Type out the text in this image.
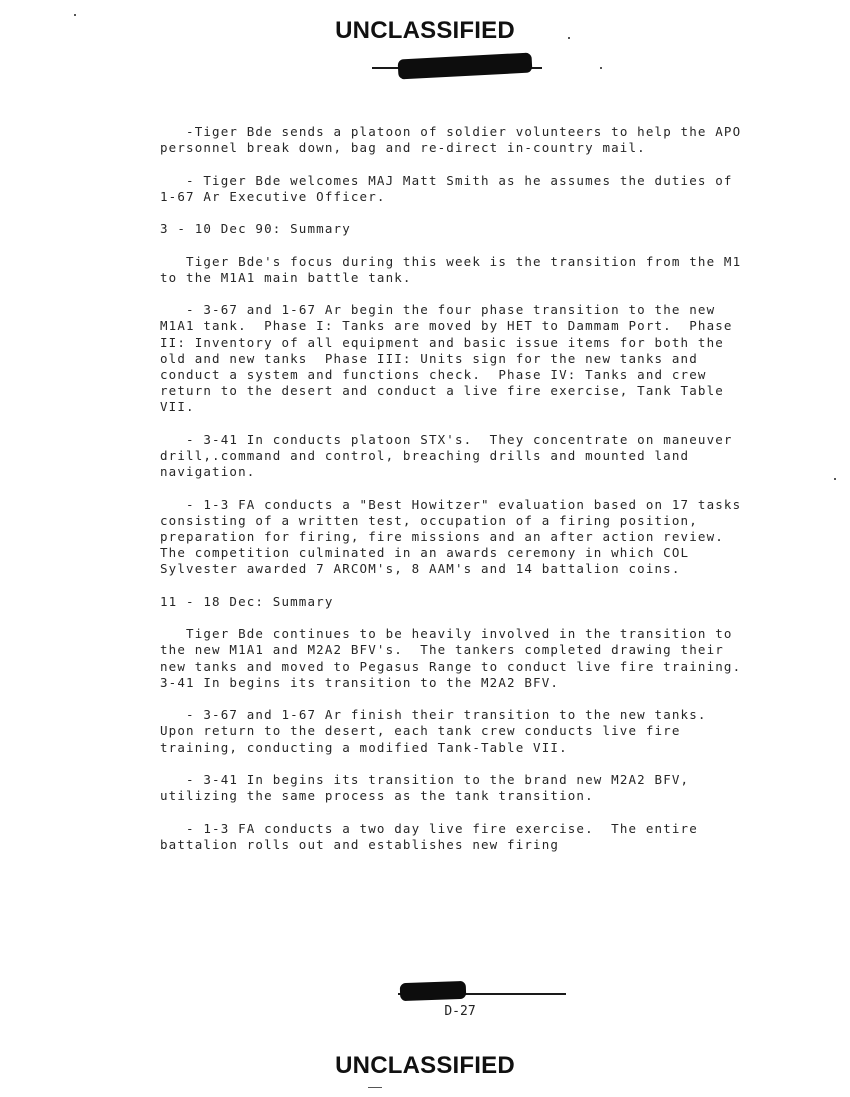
UNCLASSIFIED

-Tiger Bde sends a platoon of soldier volunteers to help the APO personnel break down, bag and re-direct in-country mail.

- Tiger Bde welcomes MAJ Matt Smith as he assumes the duties of 1-67 Ar Executive Officer.

3 - 10 Dec 90: Summary

Tiger Bde's focus during this week is the transition from the M1 to the M1A1 main battle tank.

- 3-67 and 1-67 Ar begin the four phase transition to the new M1A1 tank.  Phase I: Tanks are moved by HET to Dammam Port.  Phase II: Inventory of all equipment and basic issue items for both the old and new tanks  Phase III: Units sign for the new tanks and conduct a system and functions check.  Phase IV: Tanks and crew return to the desert and conduct a live fire exercise, Tank Table VII.

- 3-41 In conducts platoon STX's.  They concentrate on maneuver drill,.command and control, breaching drills and mounted land navigation.

- 1-3 FA conducts a "Best Howitzer" evaluation based on 17 tasks consisting of a written test, occupation of a firing position, preparation for firing, fire missions and an after action review.  The competition culminated in an awards ceremony in which COL Sylvester awarded 7 ARCOM's, 8 AAM's and 14 battalion coins.

11 - 18 Dec: Summary

Tiger Bde continues to be heavily involved in the transition to the new M1A1 and M2A2 BFV's.  The tankers completed drawing their new tanks and moved to Pegasus Range to conduct live fire training.  3-41 In begins its transition to the M2A2 BFV.

- 3-67 and 1-67 Ar finish their transition to the new tanks.  Upon return to the desert, each tank crew conducts live fire training, conducting a modified Tank-Table VII.

- 3-41 In begins its transition to the brand new M2A2 BFV, utilizing the same process as the tank transition.

- 1-3 FA conducts a two day live fire exercise.  The entire battalion rolls out and establishes new firing

D-27
UNCLASSIFIED
